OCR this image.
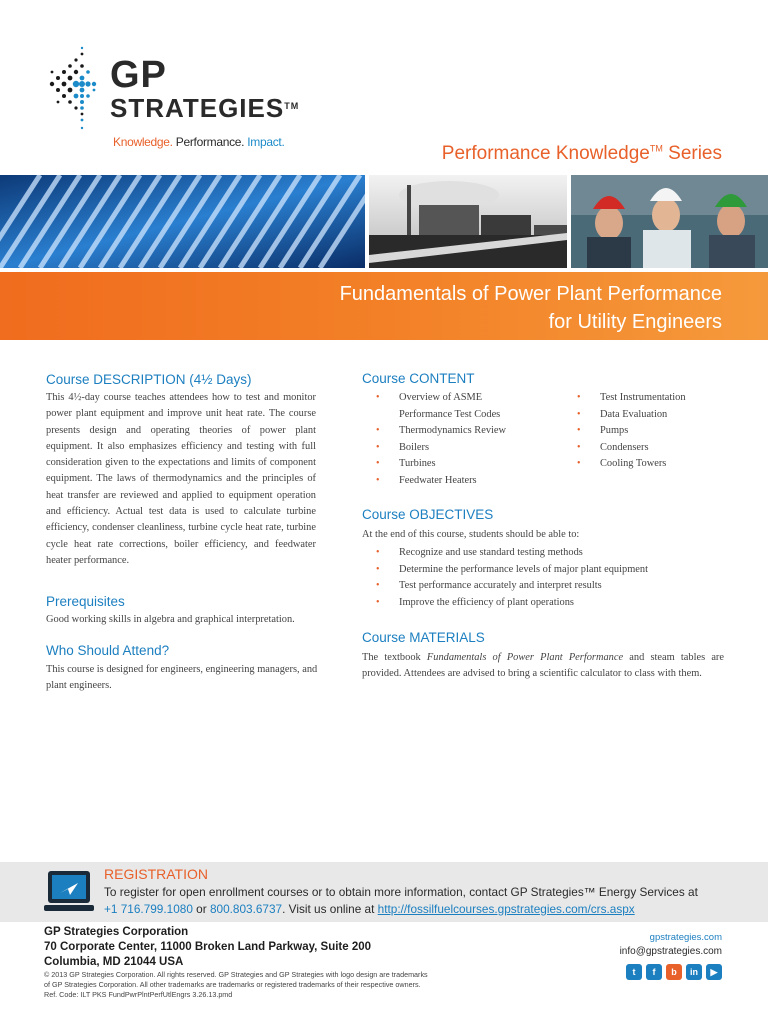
GP
STRATEGIES™
Knowledge. Performance. Impact.
Performance Knowledge™ Series
Fundamentals of Power Plant Performance
for Utility Engineers
Course DESCRIPTION (4½ Days)
This 4½-day course teaches attendees how to test and monitor power plant equipment and improve unit heat rate. The course presents design and operating theories of power plant equipment. It also emphasizes efficiency and testing with full consideration given to the expectations and limits of component equipment. The laws of thermodynamics and the principles of heat transfer are reviewed and applied to equipment operation and efficiency. Actual test data is used to calculate turbine efficiency, condenser cleanliness, turbine cycle heat rate, turbine cycle heat rate corrections, boiler efficiency, and feedwater heater performance.
Prerequisites
Good working skills in algebra and graphical interpretation.
Who Should Attend?
This course is designed for engineers, engineering managers, and plant engineers.
Course CONTENT
• Overview of ASME Performance Test Codes
• Thermodynamics Review
• Boilers
• Turbines
• Feedwater Heaters
• Test Instrumentation
• Data Evaluation
• Pumps
• Condensers
• Cooling Towers
Course OBJECTIVES
At the end of this course, students should be able to:
• Recognize and use standard testing methods
• Determine the performance levels of major plant equipment
• Test performance accurately and interpret results
• Improve the efficiency of plant operations
Course MATERIALS
The textbook Fundamentals of Power Plant Performance and steam tables are provided. Attendees are advised to bring a scientific calculator to class with them.
REGISTRATION
To register for open enrollment courses or to obtain more information, contact GP Strategies™ Energy Services at
+1 716.799.1080 or 800.803.6737. Visit us online at http://fossilfuelcourses.gpstrategies.com/crs.aspx
GP Strategies Corporation
70 Corporate Center, 11000 Broken Land Parkway, Suite 200
Columbia, MD 21044 USA
© 2013 GP Strategies Corporation. All rights reserved. GP Strategies and GP Strategies with logo design are trademarks
of GP Strategies Corporation. All other trademarks are trademarks or registered trademarks of their respective owners.
Ref. Code: ILT PKS FundPwrPlntPerfUtlEngrs 3.26.13.pmd
gpstrategies.com
info@gpstrategies.com
t	f	b	in	▶
